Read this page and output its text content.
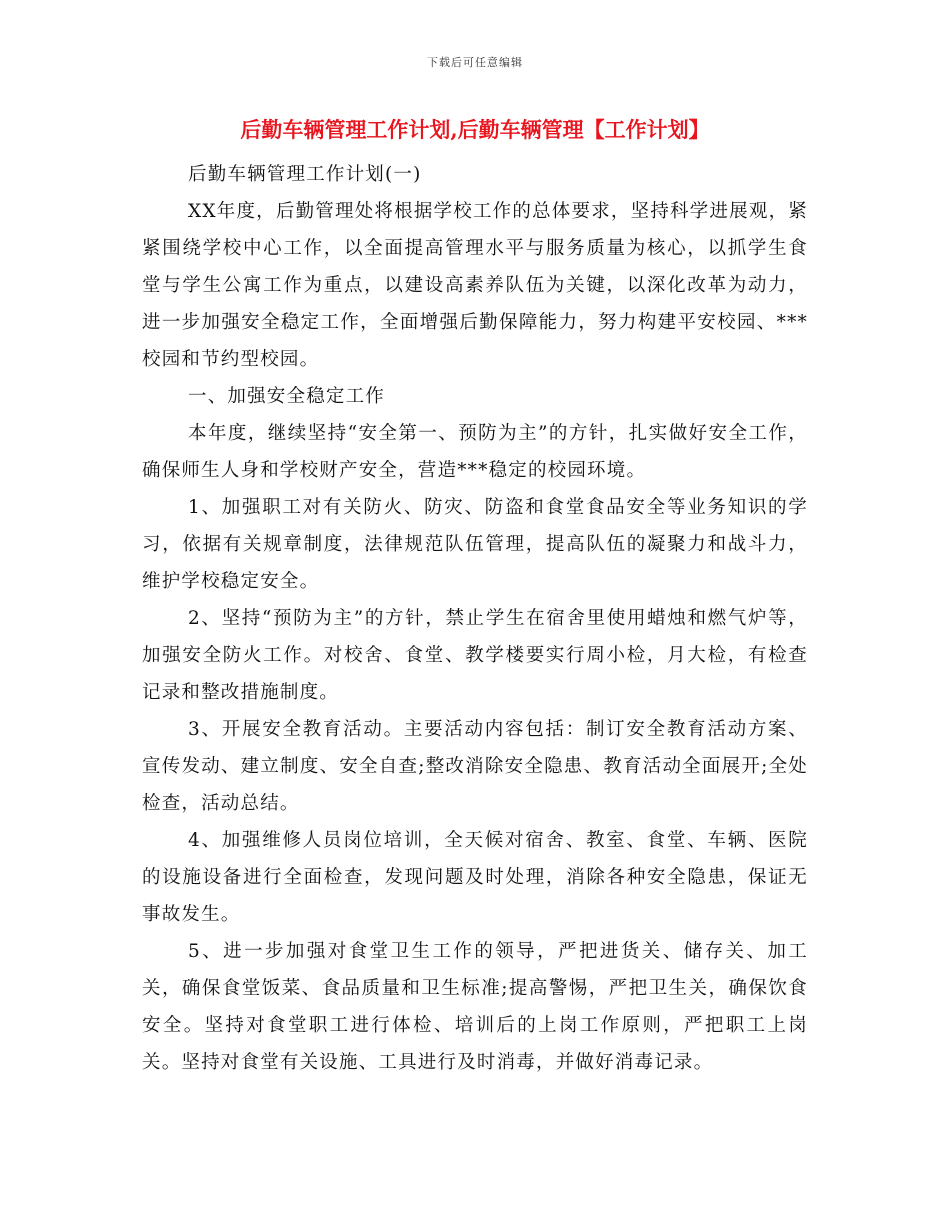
下载后可任意编辑
后勤车辆管理工作计划,后勤车辆管理【工作计划】

后勤车辆管理工作计划(一)

XX年度，后勤管理处将根据学校工作的总体要求，坚持科学进展观，紧紧围绕学校中心工作，以全面提高管理水平与服务质量为核心，以抓学生食堂与学生公寓工作为重点，以建设高素养队伍为关键，以深化改革为动力，进一步加强安全稳定工作，全面增强后勤保障能力，努力构建平安校园、***校园和节约型校园。

一、加强安全稳定工作

本年度，继续坚持“安全第一、预防为主”的方针，扎实做好安全工作，确保师生人身和学校财产安全，营造***稳定的校园环境。

1、加强职工对有关防火、防灾、防盗和食堂食品安全等业务知识的学习，依据有关规章制度，法律规范队伍管理，提高队伍的凝聚力和战斗力，维护学校稳定安全。

2、坚持“预防为主”的方针，禁止学生在宿舍里使用蜡烛和燃气炉等，加强安全防火工作。对校舍、食堂、教学楼要实行周小检，月大检，有检查记录和整改措施制度。

3、开展安全教育活动。主要活动内容包括：制订安全教育活动方案、宣传发动、建立制度、安全自查;整改消除安全隐患、教育活动全面展开;全处检查，活动总结。

4、加强维修人员岗位培训，全天候对宿舍、教室、食堂、车辆、医院的设施设备进行全面检查，发现问题及时处理，消除各种安全隐患，保证无事故发生。

5、进一步加强对食堂卫生工作的领导，严把进货关、储存关、加工关，确保食堂饭菜、食品质量和卫生标准;提高警惕，严把卫生关，确保饮食安全。坚持对食堂职工进行体检、培训后的上岗工作原则，严把职工上岗关。坚持对食堂有关设施、工具进行及时消毒，并做好消毒记录。
